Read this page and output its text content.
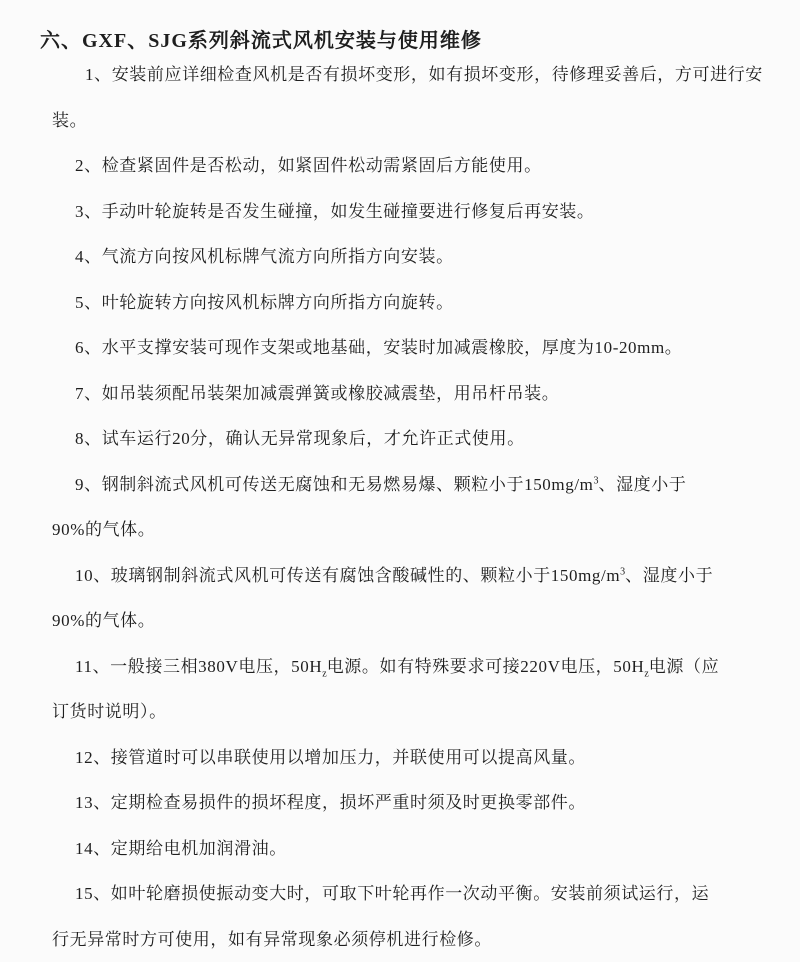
六、GXF、SJG系列斜流式风机安装与使用维修
1、安装前应详细检查风机是否有损坏变形，如有损坏变形，待修理妥善后，方可进行安
装。
2、检查紧固件是否松动，如紧固件松动需紧固后方能使用。
3、手动叶轮旋转是否发生碰撞，如发生碰撞要进行修复后再安装。
4、气流方向按风机标牌气流方向所指方向安装。
5、叶轮旋转方向按风机标牌方向所指方向旋转。
6、水平支撑安装可现作支架或地基础，安装时加减震橡胶，厚度为10-20mm。
7、如吊装须配吊装架加减震弹簧或橡胶减震垫，用吊杆吊装。
8、试车运行20分，确认无异常现象后，才允许正式使用。
9、钢制斜流式风机可传送无腐蚀和无易燃易爆、颗粒小于$150mg/m^3$、湿度小于
90%的气体。
10、玻璃钢制斜流式风机可传送有腐蚀含酸碱性的、颗粒小于$150mg/m^3$、湿度小于
90%的气体。
11、一般接三相380V电压，$50H_z$电源。如有特殊要求可接220V电压，$50H_z$电源（应
订货时说明）。
12、接管道时可以串联使用以增加压力，并联使用可以提高风量。
13、定期检查易损件的损坏程度，损坏严重时须及时更换零部件。
14、定期给电机加润滑油。
15、如叶轮磨损使振动变大时，可取下叶轮再作一次动平衡。安装前须试运行，运
行无异常时方可使用，如有异常现象必须停机进行检修。
